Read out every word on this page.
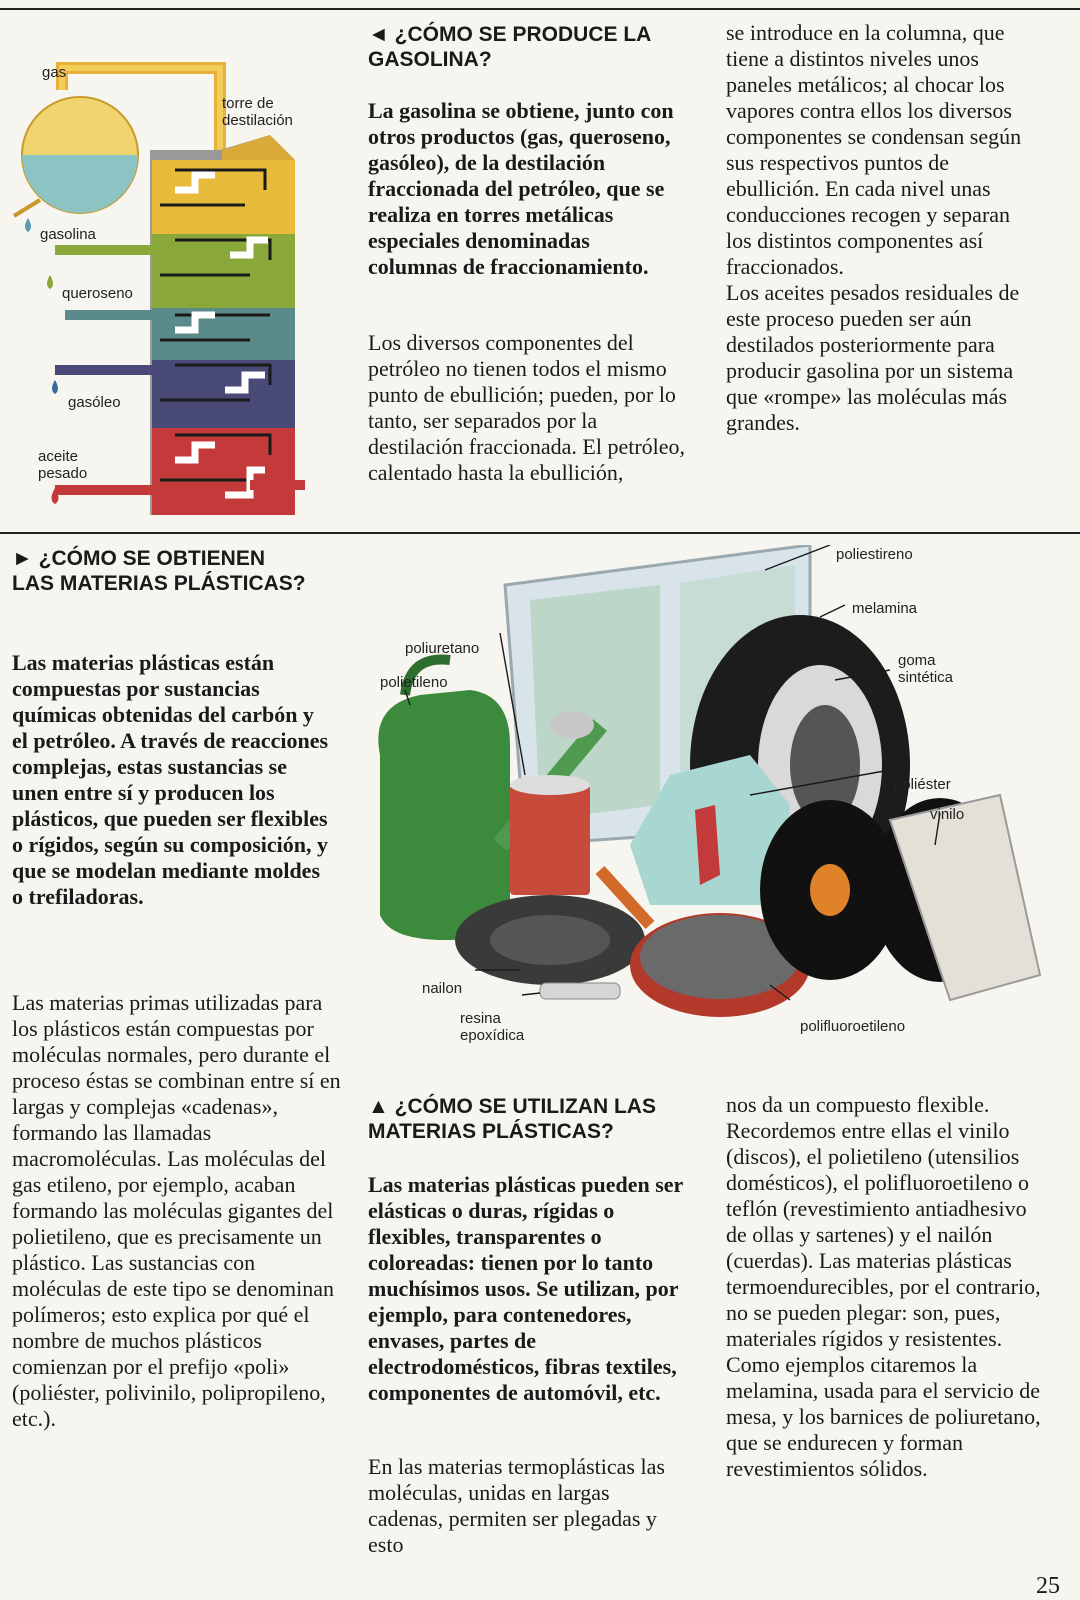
gas
torre de destilación
gasolina
queroseno
gasóleo
aceite pesado
◄ ¿CÓMO SE PRODUCE LA GASOLINA?
La gasolina se obtiene, junto con otros productos (gas, queroseno, gasóleo), de la destilación fraccionada del petróleo, que se realiza en torres metálicas especiales denominadas columnas de fraccionamiento.
Los diversos componentes del petróleo no tienen todos el mismo punto de ebullición; pueden, por lo tanto, ser separados por la destilación fraccionada. El petróleo, calentado hasta la ebullición,

se introduce en la columna, que tiene a distintos niveles unos paneles metálicos; al chocar los vapores contra ellos los diversos componentes se condensan según sus respectivos puntos de ebullición. En cada nivel unas conducciones recogen y separan los distintos componentes así fraccionados.

Los aceites pesados residuales de este proceso pueden ser aún destilados posteriormente para producir gasolina por un sistema que «rompe» las moléculas más grandes.

► ¿CÓMO SE OBTIENEN LAS MATERIAS PLÁSTICAS?
Las materias plásticas están compuestas por sustancias químicas obtenidas del carbón y el petróleo. A través de reacciones complejas, estas sustancias se unen entre sí y producen los plásticos, que pueden ser flexibles o rígidos, según su composición, y que se modelan mediante moldes o trefiladoras.
Las materias primas utilizadas para los plásticos están compuestas por moléculas normales, pero durante el proceso éstas se combinan entre sí en largas y complejas «cadenas», formando las llamadas macromoléculas. Las moléculas del gas etileno, por ejemplo, acaban formando las moléculas gigantes del polietileno, que es precisamente un plástico. Las sustancias con moléculas de este tipo se denominan polímeros; esto explica por qué el nombre de muchos plásticos comienzan por el prefijo «poli» (poliéster, polivinilo, polipropileno, etc.).
poliestireno
melamina
poliuretano
polietileno
goma sintética
poliéster
vinilo
nailon
resina epoxídica
polifluoroetileno
▲ ¿CÓMO SE UTILIZAN LAS MATERIAS PLÁSTICAS?
Las materias plásticas pueden ser elásticas o duras, rígidas o flexibles, transparentes o coloreadas: tienen por lo tanto muchísimos usos. Se utilizan, por ejemplo, para contenedores, envases, partes de electrodomésticos, fibras textiles, componentes de automóvil, etc.
En las materias termoplásticas las moléculas, unidas en largas cadenas, permiten ser plegadas y esto
nos da un compuesto flexible. Recordemos entre ellas el vinilo (discos), el polietileno (utensilios domésticos), el polifluoroetileno o teflón (revestimiento antiadhesivo de ollas y sartenes) y el nailón (cuerdas). Las materias plásticas termoendurecibles, por el contrario, no se pueden plegar: son, pues, materiales rígidos y resistentes. Como ejemplos citaremos la melamina, usada para el servicio de mesa, y los barnices de poliuretano, que se endurecen y forman revestimientos sólidos.
25
